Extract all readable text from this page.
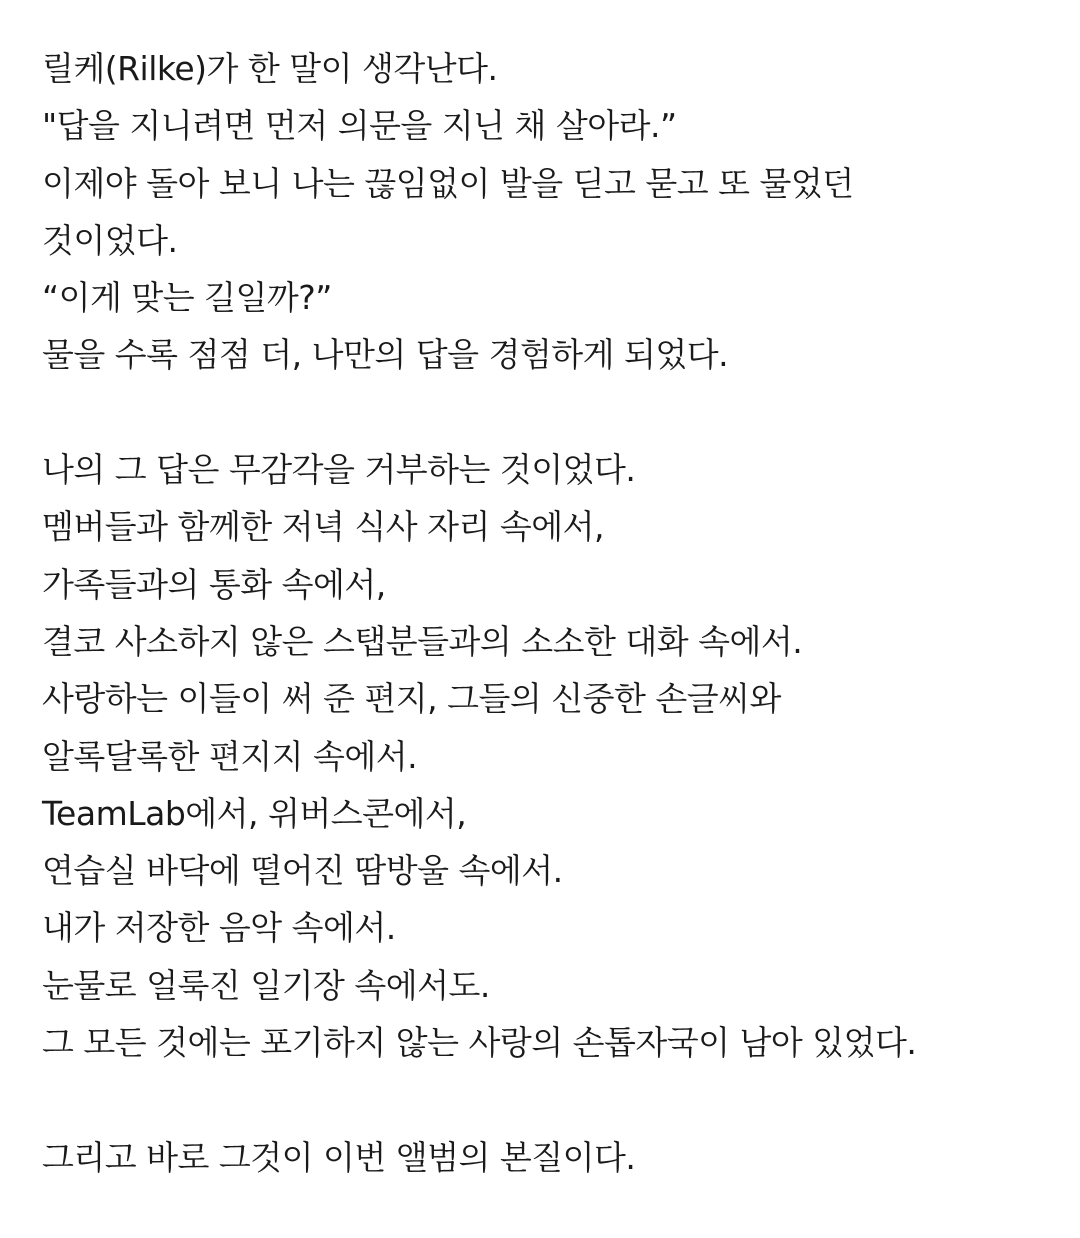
릴케(Rilke)가 한 말이 생각난다.
"답을 지니려면 먼저 의문을 지닌 채 살아라.”
이제야 돌아 보니 나는 끊임없이 발을 딛고 묻고 또 물었던
것이었다.
“이게 맞는 길일까?”
물을 수록 점점 더, 나만의 답을 경험하게 되었다.
나의 그 답은 무감각을 거부하는 것이었다.
멤버들과 함께한 저녁 식사 자리 속에서,
가족들과의 통화 속에서,
결코 사소하지 않은 스탭분들과의 소소한 대화 속에서.
사랑하는 이들이 써 준 편지, 그들의 신중한 손글씨와
알록달록한 편지지 속에서.
TeamLab에서, 위버스콘에서,
연습실 바닥에 떨어진 땀방울 속에서.
내가 저장한 음악 속에서.
눈물로 얼룩진 일기장 속에서도.
그 모든 것에는 포기하지 않는 사랑의 손톱자국이 남아 있었다.
그리고 바로 그것이 이번 앨범의 본질이다.
